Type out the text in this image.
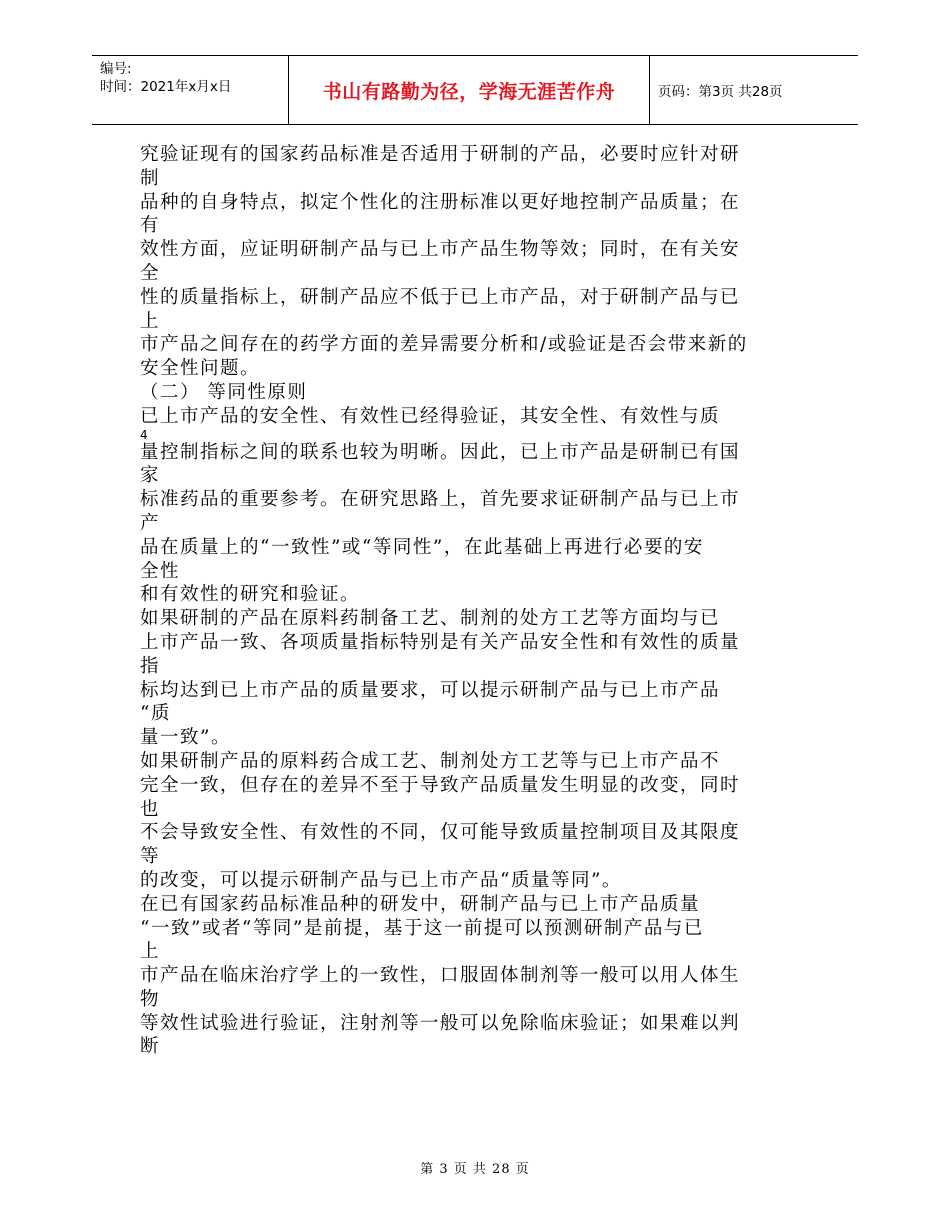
编号:
时间：2021年x月x日	书山有路勤为径，学海无涯苦作舟	页码：第3页 共28页
究验证现有的国家药品标准是否适用于研制的产品，必要时应针对研
制
品种的自身特点，拟定个性化的注册标准以更好地控制产品质量；在
有
效性方面，应证明研制产品与已上市产品生物等效；同时，在有关安
全
性的质量指标上，研制产品应不低于已上市产品，对于研制产品与已
上
市产品之间存在的药学方面的差异需要分析和/或验证是否会带来新的
安全性问题。
（二） 等同性原则
已上市产品的安全性、有效性已经得验证，其安全性、有效性与质
4
量控制指标之间的联系也较为明晰。因此，已上市产品是研制已有国
家
标准药品的重要参考。在研究思路上，首先要求证研制产品与已上市
产
品在质量上的“一致性”或“等同性”，在此基础上再进行必要的安
全性
和有效性的研究和验证。
如果研制的产品在原料药制备工艺、制剂的处方工艺等方面均与已
上市产品一致、各项质量指标特别是有关产品安全性和有效性的质量
指
标均达到已上市产品的质量要求，可以提示研制产品与已上市产品
“质
量一致”。
如果研制产品的原料药合成工艺、制剂处方工艺等与已上市产品不
完全一致，但存在的差异不至于导致产品质量发生明显的改变，同时
也
不会导致安全性、有效性的不同，仅可能导致质量控制项目及其限度
等
的改变，可以提示研制产品与已上市产品“质量等同”。
在已有国家药品标准品种的研发中，研制产品与已上市产品质量
“一致”或者“等同”是前提，基于这一前提可以预测研制产品与已
上
市产品在临床治疗学上的一致性，口服固体制剂等一般可以用人体生
物
等效性试验进行验证，注射剂等一般可以免除临床验证；如果难以判
断
第 3 页 共 28 页
